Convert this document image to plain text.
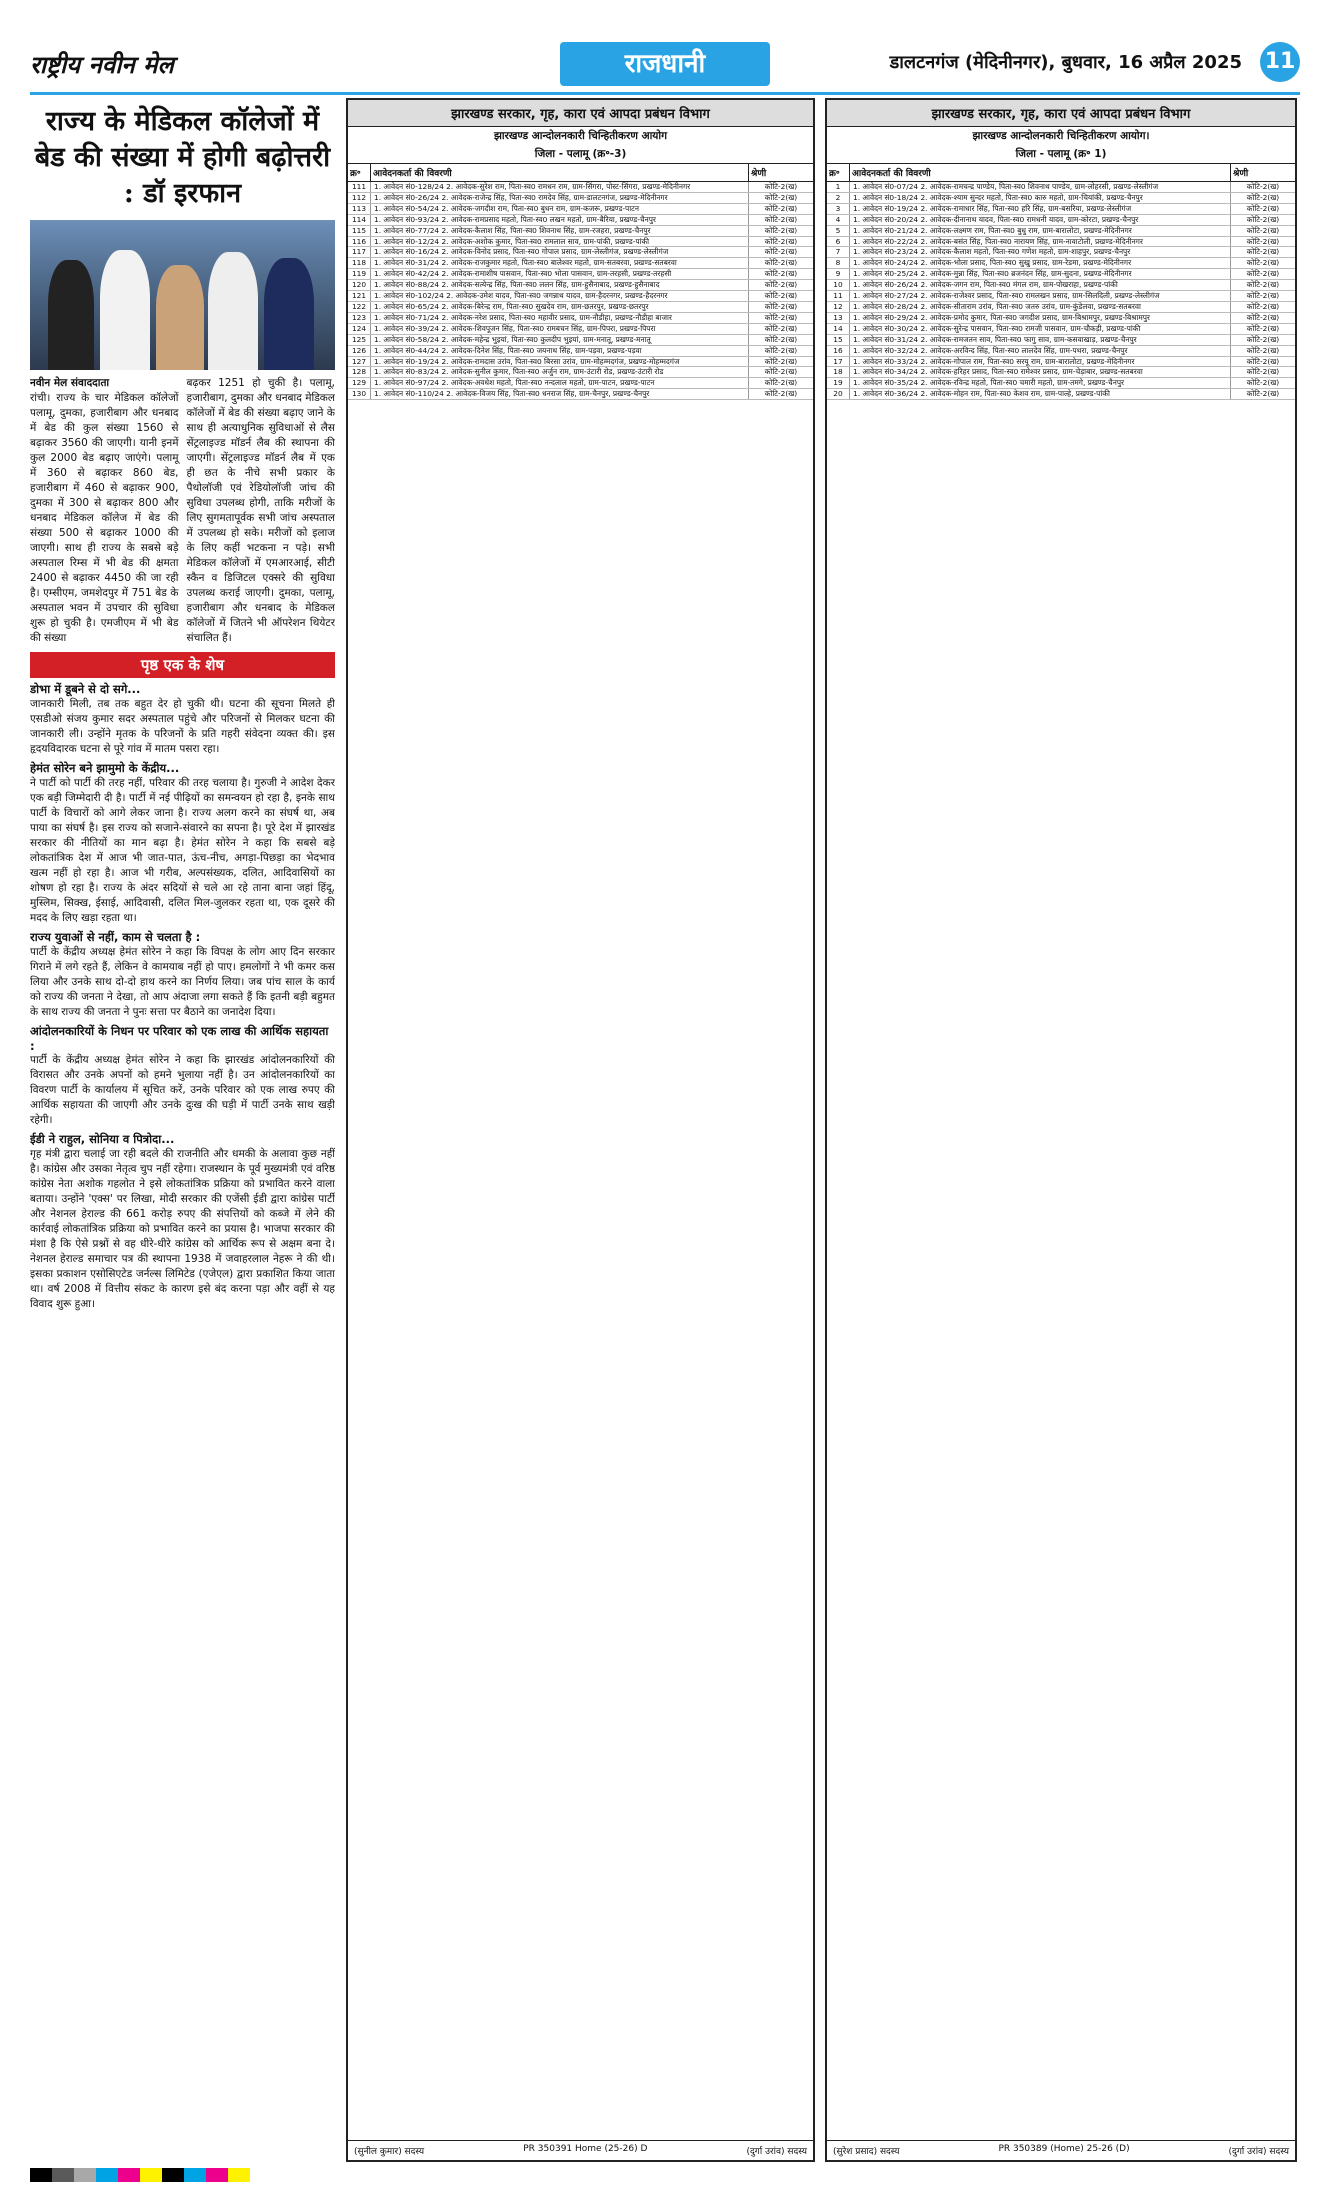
राष्ट्रीय नवीन मेल	राजधानी	डालटनगंज (मेदिनीनगर), बुधवार, 16 अप्रैल 2025 11
राज्य के मेडिकल कॉलेजों में बेड की संख्या में होगी बढ़ोत्तरी : डॉ इरफान
नवीन मेल संवाददाता
रांची। राज्य के चार मेडिकल कॉलेजों पलामू, दुमका, हजारीबाग और धनबाद में बेड की कुल संख्या 1560 से बढ़ाकर 3560 की जाएगी। यानी इनमें कुल 2000 बेड बढ़ाए जाएंगे। पलामू में 360 से बढ़ाकर 860 बेड, हजारीबाग में 460 से बढ़ाकर 900, दुमका में 300 से बढ़ाकर 800 और धनबाद मेडिकल कॉलेज में बेड की संख्या 500 से बढ़ाकर 1000 की जाएगी। साथ ही राज्य के सबसे बड़े अस्पताल रिम्स में भी बेड की क्षमता 2400 से बढ़ाकर 4450 की जा रही है। एम्सीएम, जमशेदपुर में 751 बेड के अस्पताल भवन में उपचार की सुविधा शुरू हो चुकी है। एमजीएम में भी बेड की संख्या
बढ़कर 1251 हो चुकी है। पलामू, हजारीबाग, दुमका और धनबाद मेडिकल कॉलेजों में बेड की संख्या बढ़ाए जाने के साथ ही अत्याधुनिक सुविधाओं से लैस सेंट्रलाइज्ड मॉडर्न लैब की स्थापना की जाएगी। सेंट्रलाइज्ड मॉडर्न लैब में एक ही छत के नीचे सभी प्रकार के पैथोलॉजी एवं रेडियोलॉजी जांच की सुविधा उपलब्ध होगी, ताकि मरीजों के लिए सुगमतापूर्वक सभी जांच अस्पताल में उपलब्ध हो सके। मरीजों को इलाज के लिए कहीं भटकना न पड़े। सभी मेडिकल कॉलेजों में एमआरआई, सीटी स्कैन व डिजिटल एक्सरे की सुविधा उपलब्ध कराई जाएगी। दुमका, पलामू, हजारीबाग और धनबाद के मेडिकल कॉलेजों में जितने भी ऑपरेशन थियेटर संचालित हैं।
पृष्ठ एक के शेष
डोभा में डूबने से दो सगे...
जानकारी मिली, तब तक बहुत देर हो चुकी थी। घटना की सूचना मिलते ही एसडीओ संजय कुमार सदर अस्पताल पहुंचे और परिजनों से मिलकर घटना की जानकारी ली। उन्होंने मृतक के परिजनों के प्रति गहरी संवेदना व्यक्त की। इस हृदयविदारक घटना से पूरे गांव में मातम पसरा रहा।
हेमंत सोरेन बने झामुमो के केंद्रीय...
ने पार्टी को पार्टी की तरह नहीं, परिवार की तरह चलाया है। गुरुजी ने आदेश देकर एक बड़ी जिम्मेदारी दी है। पार्टी में नई पीढ़ियों का समन्वयन हो रहा है, इनके साथ पार्टी के विचारों को आगे लेकर जाना है। राज्य अलग करने का संघर्ष था, अब पाया का संघर्ष है। इस राज्य को सजाने-संवारने का सपना है। पूरे देश में झारखंड सरकार की नीतियों का मान बढ़ा है। हेमंत सोरेन ने कहा कि सबसे बड़े लोकतांत्रिक देश में आज भी जात-पात, ऊंच-नीच, अगड़ा-पिछड़ा का भेदभाव खत्म नहीं हो रहा है। आज भी गरीब, अल्पसंख्यक, दलित, आदिवासियों का शोषण हो रहा है। राज्य के अंदर सदियों से चले आ रहे ताना बाना जहां हिंदू, मुस्लिम, सिक्ख, ईसाई, आदिवासी, दलित मिल-जुलकर रहता था, एक दूसरे की मदद के लिए खड़ा रहता था।
राज्य युवाओं से नहीं, काम से चलता है :
पार्टी के केंद्रीय अध्यक्ष हेमंत सोरेन ने कहा कि विपक्ष के लोग आए दिन सरकार गिराने में लगे रहते हैं, लेकिन वे कामयाब नहीं हो पाए। हमलोगों ने भी कमर कस लिया और उनके साथ दो-दो हाथ करने का निर्णय लिया। जब पांच साल के कार्य को राज्य की जनता ने देखा, तो आप अंदाजा लगा सकते हैं कि इतनी बड़ी बहुमत के साथ राज्य की जनता ने पुनः सत्ता पर बैठाने का जनादेश दिया।
आंदोलनकारियों के निधन पर परिवार को एक लाख की आर्थिक सहायता :
पार्टी के केंद्रीय अध्यक्ष हेमंत सोरेन ने कहा कि झारखंड आंदोलनकारियों की विरासत और उनके अपनों को हमने भुलाया नहीं है। उन आंदोलनकारियों का विवरण पार्टी के कार्यालय में सूचित करें, उनके परिवार को एक लाख रुपए की आर्थिक सहायता की जाएगी और उनके दुःख की घड़ी में पार्टी उनके साथ खड़ी रहेगी।
ईडी ने राहुल, सोनिया व पित्रोदा...
गृह मंत्री द्वारा चलाई जा रही बदले की राजनीति और धमकी के अलावा कुछ नहीं है। कांग्रेस और उसका नेतृत्व चुप नहीं रहेगा। राजस्थान के पूर्व मुख्यमंत्री एवं वरिष्ठ कांग्रेस नेता अशोक गहलोत ने इसे लोकतांत्रिक प्रक्रिया को प्रभावित करने वाला बताया। उन्होंने 'एक्स' पर लिखा, मोदी सरकार की एजेंसी ईडी द्वारा कांग्रेस पार्टी और नेशनल हेराल्ड की 661 करोड़ रुपए की संपत्तियों को कब्जे में लेने की कार्रवाई लोकतांत्रिक प्रक्रिया को प्रभावित करने का प्रयास है। भाजपा सरकार की मंशा है कि ऐसे प्रश्नों से वह धीरे-धीरे कांग्रेस को आर्थिक रूप से अक्षम बना दे। नेशनल हेराल्ड समाचार पत्र की स्थापना 1938 में जवाहरलाल नेहरू ने की थी। इसका प्रकाशन एसोसिएटेड जर्नल्स लिमिटेड (एजेएल) द्वारा प्रकाशित किया जाता था। वर्ष 2008 में वित्तीय संकट के कारण इसे बंद करना पड़ा और वहीं से यह विवाद शुरू हुआ।
झारखण्ड सरकार, गृह, कारा एवं आपदा प्रबंधन विभाग
झारखण्ड आन्दोलनकारी चिन्हितीकरण आयोग
जिला - पलामू (क्र॰-3)
क्र॰	आवेदनकर्ता की विवरणी	श्रेणी
111	1. आवेदन सं0-128/24 2. आवेदक-सुरेश राम, पिता-स्व0 रामधन राम, ग्राम-सिंगरा, पोस्ट-सिंगरा, प्रखण्ड-मेदिनीनगर	कोटि-2(ख)
112	1. आवेदन सं0-26/24 2. आवेदक-राजेन्द्र सिंह, पिता-स्व0 रामदेव सिंह, ग्राम-डालटनगंज, प्रखण्ड-मेदिनीनगर	कोटि-2(ख)
113	1. आवेदन सं0-54/24 2. आवेदक-जगदीश राम, पिता-स्व0 बुधन राम, ग्राम-कजरू, प्रखण्ड-पाटन	कोटि-2(ख)
114	1. आवेदन सं0-93/24 2. आवेदक-रामप्रसाद महतो, पिता-स्व0 लखन महतो, ग्राम-बैरिया, प्रखण्ड-चैनपुर	कोटि-2(ख)
115	1. आवेदन सं0-77/24 2. आवेदक-कैलाश सिंह, पिता-स्व0 शिवनाथ सिंह, ग्राम-रजहरा, प्रखण्ड-चैनपुर	कोटि-2(ख)
116	1. आवेदन सं0-12/24 2. आवेदक-अशोक कुमार, पिता-स्व0 रामलाल साव, ग्राम-पांकी, प्रखण्ड-पांकी	कोटि-2(ख)
117	1. आवेदन सं0-16/24 2. आवेदक-विनोद प्रसाद, पिता-स्व0 गोपाल प्रसाद, ग्राम-लेस्लीगंज, प्रखण्ड-लेस्लीगंज	कोटि-2(ख)
118	1. आवेदन सं0-31/24 2. आवेदक-राजकुमार महतो, पिता-स्व0 बालेश्वर महतो, ग्राम-सतबरवा, प्रखण्ड-सतबरवा	कोटि-2(ख)
119	1. आवेदन सं0-42/24 2. आवेदक-रामाशीष पासवान, पिता-स्व0 भोला पासवान, ग्राम-तरहसी, प्रखण्ड-तरहसी	कोटि-2(ख)
120	1. आवेदन सं0-88/24 2. आवेदक-सत्येन्द्र सिंह, पिता-स्व0 ललन सिंह, ग्राम-हुसैनाबाद, प्रखण्ड-हुसैनाबाद	कोटि-2(ख)
121	1. आवेदन सं0-102/24 2. आवेदक-उमेश यादव, पिता-स्व0 जगन्नाथ यादव, ग्राम-हैदरनगर, प्रखण्ड-हैदरनगर	कोटि-2(ख)
122	1. आवेदन सं0-65/24 2. आवेदक-बिरेन्द्र राम, पिता-स्व0 सुखदेव राम, ग्राम-छतरपुर, प्रखण्ड-छतरपुर	कोटि-2(ख)
123	1. आवेदन सं0-71/24 2. आवेदक-नरेश प्रसाद, पिता-स्व0 महावीर प्रसाद, ग्राम-नौडीहा, प्रखण्ड-नौडीहा बाजार	कोटि-2(ख)
124	1. आवेदन सं0-39/24 2. आवेदक-शिवपूजन सिंह, पिता-स्व0 रामबचन सिंह, ग्राम-पिपरा, प्रखण्ड-पिपरा	कोटि-2(ख)
125	1. आवेदन सं0-58/24 2. आवेदक-महेन्द्र भुइयां, पिता-स्व0 कुलदीप भुइयां, ग्राम-मनातू, प्रखण्ड-मनातू	कोटि-2(ख)
126	1. आवेदन सं0-44/24 2. आवेदक-दिनेश सिंह, पिता-स्व0 जयनाथ सिंह, ग्राम-पड़वा, प्रखण्ड-पड़वा	कोटि-2(ख)
127	1. आवेदन सं0-19/24 2. आवेदक-रामदास उरांव, पिता-स्व0 बिरसा उरांव, ग्राम-मोहम्मदगंज, प्रखण्ड-मोहम्मदगंज	कोटि-2(ख)
128	1. आवेदन सं0-83/24 2. आवेदक-सुनील कुमार, पिता-स्व0 अर्जुन राम, ग्राम-उंटारी रोड, प्रखण्ड-उंटारी रोड	कोटि-2(ख)
129	1. आवेदन सं0-97/24 2. आवेदक-अवधेश महतो, पिता-स्व0 नन्दलाल महतो, ग्राम-पाटन, प्रखण्ड-पाटन	कोटि-2(ख)
130	1. आवेदन सं0-110/24 2. आवेदक-विजय सिंह, पिता-स्व0 धनराज सिंह, ग्राम-चैनपुर, प्रखण्ड-चैनपुर	कोटि-2(ख)
(सुनील कुमार) सदस्य	PR 350391 Home (25-26) D	(दुर्गा उरांव) सदस्य
झारखण्ड सरकार, गृह, कारा एवं आपदा प्रबंधन विभाग
झारखण्ड आन्दोलनकारी चिन्हितीकरण आयोग।
जिला - पलामू (क्र॰ 1)
क्र॰	आवेदनकर्ता की विवरणी	श्रेणी
1	1. आवेदन सं0-07/24 2. आवेदक-रामचन्द्र पाण्डेय, पिता-स्व0 शिवनाथ पाण्डेय, ग्राम-लोहरसी, प्रखण्ड-लेस्लीगंज	कोटि-2(ख)
2	1. आवेदन सं0-18/24 2. आवेदक-श्याम सुन्दर महतो, पिता-स्व0 कारु महतो, ग्राम-चियांकी, प्रखण्ड-चैनपुर	कोटि-2(ख)
3	1. आवेदन सं0-19/24 2. आवेदक-रामाधार सिंह, पिता-स्व0 हरि सिंह, ग्राम-बसरिया, प्रखण्ड-लेस्लीगंज	कोटि-2(ख)
4	1. आवेदन सं0-20/24 2. आवेदक-दीनानाथ यादव, पिता-स्व0 रामधनी यादव, ग्राम-कोरटा, प्रखण्ड-चैनपुर	कोटि-2(ख)
5	1. आवेदन सं0-21/24 2. आवेदक-लक्ष्मण राम, पिता-स्व0 बुधु राम, ग्राम-बारालोटा, प्रखण्ड-मेदिनीनगर	कोटि-2(ख)
6	1. आवेदन सं0-22/24 2. आवेदक-बसंत सिंह, पिता-स्व0 नारायण सिंह, ग्राम-नावाटोली, प्रखण्ड-मेदिनीनगर	कोटि-2(ख)
7	1. आवेदन सं0-23/24 2. आवेदक-कैलाश महतो, पिता-स्व0 गणेश महतो, ग्राम-शाहपुर, प्रखण्ड-चैनपुर	कोटि-2(ख)
8	1. आवेदन सं0-24/24 2. आवेदक-भोला प्रसाद, पिता-स्व0 सुखु प्रसाद, ग्राम-रेडमा, प्रखण्ड-मेदिनीनगर	कोटि-2(ख)
9	1. आवेदन सं0-25/24 2. आवेदक-मुन्ना सिंह, पिता-स्व0 ब्रजनंदन सिंह, ग्राम-सुदना, प्रखण्ड-मेदिनीनगर	कोटि-2(ख)
10	1. आवेदन सं0-26/24 2. आवेदक-जगन राम, पिता-स्व0 मंगल राम, ग्राम-पोखराहा, प्रखण्ड-पांकी	कोटि-2(ख)
11	1. आवेदन सं0-27/24 2. आवेदक-राजेश्वर प्रसाद, पिता-स्व0 रामलखन प्रसाद, ग्राम-सिलदिली, प्रखण्ड-लेस्लीगंज	कोटि-2(ख)
12	1. आवेदन सं0-28/24 2. आवेदक-सीताराम उरांव, पिता-स्व0 जतरु उरांव, ग्राम-कुंडेलवा, प्रखण्ड-सतबरवा	कोटि-2(ख)
13	1. आवेदन सं0-29/24 2. आवेदक-प्रमोद कुमार, पिता-स्व0 जगदीश प्रसाद, ग्राम-बिश्रामपुर, प्रखण्ड-बिश्रामपुर	कोटि-2(ख)
14	1. आवेदन सं0-30/24 2. आवेदक-सुरेन्द्र पासवान, पिता-स्व0 रामजी पासवान, ग्राम-चौकड़ी, प्रखण्ड-पांकी	कोटि-2(ख)
15	1. आवेदन सं0-31/24 2. आवेदक-रामजतन साव, पिता-स्व0 फागु साव, ग्राम-कसवाखाड़, प्रखण्ड-चैनपुर	कोटि-2(ख)
16	1. आवेदन सं0-32/24 2. आवेदक-अरविन्द सिंह, पिता-स्व0 लालदेव सिंह, ग्राम-पथरा, प्रखण्ड-चैनपुर	कोटि-2(ख)
17	1. आवेदन सं0-33/24 2. आवेदक-गोपाल राम, पिता-स्व0 सरयू राम, ग्राम-बारालोटा, प्रखण्ड-मेदिनीनगर	कोटि-2(ख)
18	1. आवेदन सं0-34/24 2. आवेदक-हरिहर प्रसाद, पिता-स्व0 रामेश्वर प्रसाद, ग्राम-चेड़ाबार, प्रखण्ड-सतबरवा	कोटि-2(ख)
19	1. आवेदन सं0-35/24 2. आवेदक-रविन्द्र महतो, पिता-स्व0 चमारी महतो, ग्राम-तमगे, प्रखण्ड-चैनपुर	कोटि-2(ख)
20	1. आवेदन सं0-36/24 2. आवेदक-मोहन राम, पिता-स्व0 केशव राम, ग्राम-पाल्हे, प्रखण्ड-पांकी	कोटि-2(ख)
(सुरेश प्रसाद) सदस्य	PR 350389 (Home) 25-26 (D)	(दुर्गा उरांव) सदस्य
